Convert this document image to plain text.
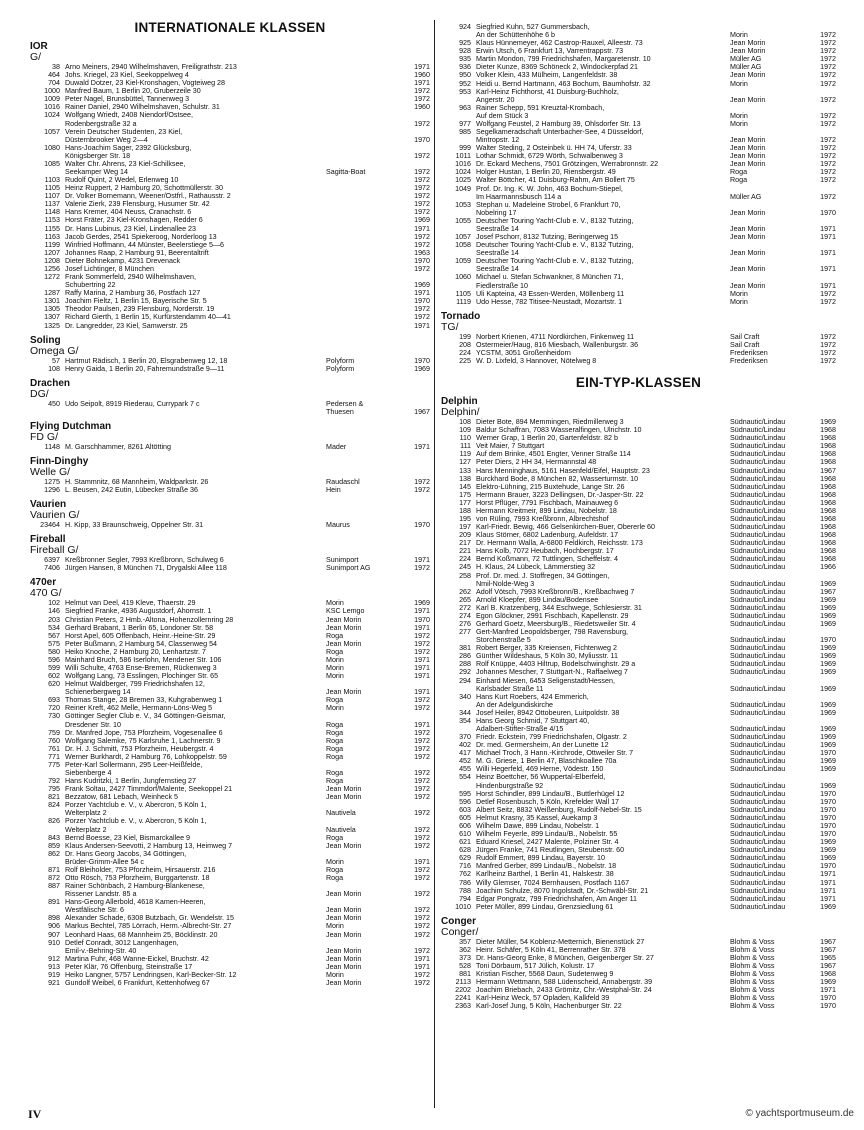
INTERNATIONALE KLASSEN
IOR
G/
38 Arno Meiners, 2940 Wilhelmshaven, Freiligrathstr. 213	1971
464 Johs. Kriegel, 23 Kiel, Seekoppelweg 4	1960
704 Duwald Dotzer, 23 Kiel-Kronshagen, Vogteiweg 28	1971
1000 Manfred Baum, 1 Berlin 20, Gruberzeile 30	1972
1009 Peter Nagel, Brunsbüttel, Tannenweg 3	1972
1016 Rainer Daniel, 2940 Wilhelmshaven, Schulstr. 31	1960
1024 Wolfgang Wriedt, 2408 Niendorf/Ostsee,
Rodenbergstraße 32 a	1972
1057 Verein Deutscher Studenten, 23 Kiel,
Düsternbrooker Weg 2—4	1970
1080 Hans-Joachim Sager, 2392 Glücksburg,
Königsberger Str. 18	1972
1085 Walter Chr. Ahrens, 23 Kiel-Schilksee,
Seekamper Weg 14	Sagitta-Boat	1972
1103 Rudolf Quint, 2 Wedel, Erlenweg 10	1972
1105 Heinz Ruppert, 2 Hamburg 20, Schottmüllerstr. 30	1972
1107 Dr. Volker Bornemann, Weener/Ostfrl., Rathausstr. 2	1972
1137 Valerie Zierk, 239 Flensburg, Husumer Str. 42	1972
1148 Hans Kremer, 404 Neuss, Cranachstr. 6	1972
1153 Horst Fräter, 23 Kiel-Kronshagen, Redder 6	1969
1155 Dr. Hans Lubinus, 23 Kiel, Lindenallee 23	1971
1163 Jacob Gerdes, 2541 Spiekeroog, Norderloog 13	1972
1199 Winfried Hoffmann, 44 Münster, Beelerstiege 5—6	1972
1207 Johannes Raap, 2 Hamburg 91, Beerentaltrift	1963
1208 Dieter Bohnekamp, 4231 Drevenack	1970
1256 Josef Lichtinger, 8 München	1972
1272 Frank Sommerfeld, 2940 Wilhelmshaven,
Schubertring 22	1969
1287 Raffy Marina, 2 Hamburg 36, Postfach 127	1971
1301 Joachim Fieltz, 1 Berlin 15, Bayerische Str. 5	1970
1305 Theodor Paulsen, 239 Flensburg, Norderstr. 19	1972
1307 Richard Gierth, 1 Berlin 15, Kurfürstendamm 40—41	1972
1325 Dr. Langredder, 23 Kiel, Samwerstr. 25	1971
Soling
Omega G/
57 Hartmut Rädisch, 1 Berlin 20, Elsgrabenweg 12, 18	Polyform	1970
108 Henry Gaida, 1 Berlin 20, Fahremundstraße 9—11	Polyform	1969
Drachen
DG/
450 Udo Seipolt, 8919 Riederau, Currypark 7 c	Pedersen &
Thuesen	1967
Flying Dutchman
FD G/
1148 M. Garschhammer, 8261 Altötting	Mader	1971
Finn-Dinghy
Welle G/
1275 H. Stammnitz, 68 Mannheim, Waldparkstr. 26	Raudaschl	1972
1296 L. Beusen, 242 Eutin, Lübecker Straße 36	Hein	1972
Vaurien
Vaurien G/
23464 H. Kipp, 33 Braunschweig, Oppelner Str. 31	Maurus	1970
Fireball
Fireball G/
6397 Kreßbronner Segler, 7993 Kreßbronn, Schulweg 6	Sunimport	1971
7406 Jürgen Hansen, 8 München 71, Drygalski Allee 118	Sunimport AG	1972
470er
470 G/
102 Helmut van Deel, 419 Kleve, Thaerstr. 29	Morin	1969
146 Siegfried Franke, 4936 Augustdorf, Ahornstr. 1	KSC Lemgo	1971
203 Christian Peters, 2 Hmb.-Altona, Hohenzollernring 28	Jean Morin	1970
534 Gerhard Brabant, 1 Berlin 65, Londoner Str. 58	Jean Morin	1971
567 Horst Apel, 605 Offenbach, Heinr.-Heine-Str. 29	Roga	1972
575 Peter Bußmann, 2 Hamburg 54, Classenweg 54	Jean Morin	1972
580 Heiko Knoche, 2 Hamburg 20, Lenhartzstr. 7	Roga	1972
596 Mainhard Bruch, 586 Iserlohn, Mendener Str. 106	Morin	1971
599 Willi Schulte, 4763 Ense-Bremen, Rückenweg 3	Morin	1971
602 Wolfgang Lang, 73 Esslingen, Plochinger Str. 65	Morin	1971
620 Helmut Waldberger, 799 Friedrichshafen 12,
Schienerbergweg 14	Jean Morin	1971
693 Thomas Stange, 28 Bremen 33, Kuhgrabenweg 1	Roga	1972
720 Reiner Kreft, 462 Melle, Hermann-Löns-Weg 5	Morin	1972
730 Göttinger Segler Club e. V., 34 Göttingen-Geismar,
Dresdener Str. 10	Roga	1971
759 Dr. Manfred Jope, 753 Pforzheim, Vogesenallee 6	Roga	1972
760 Wolfgang Salemke, 75 Karlsruhe 1, Lachnerstr. 9	Roga	1972
761 Dr. H. J. Schmitt, 753 Pforzheim, Heubergstr. 4	Roga	1972
771 Werner Burkhardt, 2 Hamburg 76, Lohkoppelstr. 59	Roga	1972
775 Peter-Karl Sollermann, 295 Leer-Heißfelde,
Siebenberge 4	Roga	1972
792 Hans Kudritzki, 1 Berlin, Jungfernstieg 27	Roga	1972
795 Frank Soltau, 2427 Timmdorf/Malente, Seekoppel 21	Jean Morin	1972
821 Bezzatow, 681 Lebach, Weinheck 5	Jean Morin	1972
824 Porzer Yachtclub e. V., v. Abercron, 5 Köln 1,
Welterplatz 2	Nautivela	1972
826 Porzer Yachtclub e. V., v. Abercron, 5 Köln 1,
Welterplatz 2	Nautivela	1972
843 Bernd Boesse, 23 Kiel, Bismarckallee 9	Roga	1972
859 Klaus Andersen-Seevotti, 2 Hamburg 13, Heimweg 7	Jean Morin	1972
862 Dr. Hans Georg Jacobs, 34 Göttingen,
Brüder-Grimm-Allee 54 c	Morin	1971
871 Rolf Bleiholder, 753 Pforzheim, Hirsauerstr. 216	Roga	1972
872 Otto Rösch, 753 Pforzheim, Burggartenstr. 18	Roga	1972
887 Rainer Schönbach, 2 Hamburg-Blankenese,
Rissener Landstr. 85 a	Jean Morin	1972
891 Hans-Georg Allerbold, 4618 Kamen-Heeren,
Westfälische Str. 6	Jean Morin	1972
898 Alexander Schade, 6308 Butzbach, Gr. Wendelstr. 15	Jean Morin	1972
906 Markus Bechtel, 785 Lörrach, Herm.-Albrecht-Str. 27	Morin	1972
907 Leonhard Haas, 68 Mannheim 25, Böcklinstr. 20	Jean Morin	1972
910 Detlef Conradt, 3012 Langenhagen,
Emil-v.-Behring-Str. 40	Jean Morin	1972
912 Martina Fuhr, 468 Wanne-Eickel, Bruchstr. 42	Jean Morin	1971
913 Peter Klär, 76 Offenburg, Steinstraße 17	Jean Morin	1971
919 Heiko Langner, 5757 Lendringsen, Karl-Becker-Str. 12	Morin	1972
921 Gundolf Weibel, 6 Frankfurt, Kettenhofweg 67	Jean Morin	1972
924 Siegfried Kuhn, 527 Gummersbach,
An der Schüttenhöhe 6 b	Morin	1972
925 Klaus Hünnemeyer, 462 Castrop-Rauxel, Alleestr. 73	Jean Morin	1972
928 Erwin Utsch, 6 Frankfurt 13, Varrentrappstr. 73	Jean Morin	1972
935 Martin Mondon, 799 Friedrichshafen, Margaretenstr. 10	Müller AG	1972
936 Dieter Kunze, 8369 Schöneck 2, Windockerpfad 21	Müller AG	1972
950 Volker Klein, 433 Mülheim, Langenfeldstr. 38	Jean Morin	1972
952 Heidi u. Bernd Hartmann, 463 Bochum, Baumhofstr. 32	Morin	1972
953 Karl-Heinz Fichthorst, 41 Duisburg-Buchholz,
Angerstr. 20	Jean Morin	1972
963 Rainer Schepp, 591 Kreuztal-Krombach,
Auf dem Stück 3	Morin	1972
977 Wolfgang Feustel, 2 Hamburg 39, Ohlsdorfer Str. 13	Morin	1972
985 Segelkameradschaft Unterbacher-See, 4 Düsseldorf,
Mintropstr. 12	Jean Morin	1972
999 Walter Steding, 2 Osteinbek ü. HH 74, Uferstr. 33	Jean Morin	1972
1011 Lothar Schmidt, 6729 Wörth, Schwalbenweg 3	Jean Morin	1972
1016 Dr. Eckard Mechens, 7501 Grötzingen, Werrabronnstr. 22	Jean Morin	1972
1024 Holger Hustan, 1 Berlin 20, Riensbergstr. 49	Roga	1972
1025 Walter Böttcher, 41 Duisburg-Rahm, Am Bollert 75	Roga	1972
1049 Prof. Dr. Ing. K. W. John, 463 Bochum-Stiepel,
Im Haarmannsbusch 114 a	Müller AG	1972
1053 Stephan u. Madeleine Strobel, 6 Frankfurt 70,
Nobelring 17	Jean Morin	1970
1055 Deutscher Touring Yacht-Club e. V., 8132 Tutzing,
Seestraße 14	Jean Morin	1971
1057 Josef Pschorr, 8132 Tutzing, Beringerweg 15	Jean Morin	1971
1058 Deutscher Touring Yacht-Club e. V., 8132 Tutzing,
Seestraße 14	Jean Morin	1971
1059 Deutscher Touring Yacht-Club e. V., 8132 Tutzing,
Seestraße 14	Jean Morin	1971
1060 Michael u. Stefan Schwankner, 8 München 71,
Fiedlerstraße 10	Jean Morin	1971
1105 Uli Kapteina, 43 Essen-Werden, Möllenberg 11	Morin	1972
1119 Udo Hesse, 782 Titisee-Neustadt, Mozartstr. 1	Morin	1972
Tornado
TG/
199 Norbert Krienen, 4711 Nordkirchen, Finkenweg 11	Sail Craft	1972
208 Ostermeier/Haug, 816 Miesbach, Wallenburgstr. 36	Sail Craft	1972
224 YCSTM, 3051 Großenheidorn	Frederiksen	1972
225 W. D. Lixfeld, 3 Hannover, Nötelweg 8	Frederiksen	1972
EIN-TYP-KLASSEN
Delphin
Delphin/
108 Dieter Bote, 894 Memmingen, Riedmillerweg 3	Südnautic/Lindau	1969
109 Baldur Schaffran, 7083 Wasseralfingen, Ulrichstr. 10	Südnautic/Lindau	1968
110 Werner Grap, 1 Berlin 20, Gartenfeldstr. 82 b	Südnautic/Lindau	1968
111 Veit Maier, 7 Stuttgart	Südnautic/Lindau	1968
119 Auf dem Brinke, 4501 Engter, Venner Straße 114	Südnautic/Lindau	1968
127 Peter Diers, 2 HH 34, Hermannstal 48	Südnautic/Lindau	1968
133 Hans Menninghaus, 5161 Hasenfeld/Eifel, Hauptstr. 23	Südnautic/Lindau	1967
138 Burckhard Bode, 8 München 82, Wasserturmstr. 10	Südnautic/Lindau	1968
145 Elektro-Lühning, 215 Buxtehude, Lange Str. 26	Südnautic/Lindau	1968
175 Hermann Brauer, 3223 Dellingsen, Dr.-Jasper-Str. 22	Südnautic/Lindau	1968
177 Horst Pflüger, 7791 Fischbach, Mainauweg 6	Südnautic/Lindau	1968
188 Hermann Kreitmeir, 899 Lindau, Nobelstr. 18	Südnautic/Lindau	1968
195 von Rüling, 7993 Kreßbronn, Albrechtshof	Südnautic/Lindau	1968
197 Karl-Friedr. Bewig, 466 Gelsenkirchen-Buer, Obererle 60	Südnautic/Lindau	1968
209 Klaus Störner, 6802 Ladenburg, Aufeldstr. 17	Südnautic/Lindau	1968
217 Dr. Hermann Walla, A-6800 Feldkirch, Reichsstr. 173	Südnautic/Lindau	1968
221 Hans Kolb, 7072 Heubach, Hochbergstr. 17	Südnautic/Lindau	1968
224 Bernd Koßmann, 72 Tuttlingen, Scheffelstr. 4	Südnautic/Lindau	1968
245 H. Klaus, 24 Lübeck, Lämmerstieg 32	Südnautic/Lindau	1966
258 Prof. Dr. med. J. Stoffregen, 34 Göttingen,
Nmil-Nolde-Weg 3	Südnautic/Lindau	1969
262 Adolf Vötsch, 7993 Kreßbronn/B., Kreßbachweg 7	Südnautic/Lindau	1967
265 Arnold Kloepfer, 899 Lindau/Bodensee	Südnautic/Lindau	1969
272 Karl B. Kratzenberg, 344 Eschwege, Schlesierstr. 31	Südnautic/Lindau	1969
274 Egon Glöckner, 2991 Fischbach, Kapellenstr. 29	Südnautic/Lindau	1969
276 Gerhard Goetz, Meersburg/B., Riedetsweiler Str. 4	Südnautic/Lindau	1969
277 Gert-Manfred Leopoldsberger, 798 Ravensburg,
Storchenstraße 5	Südnautic/Lindau	1970
381 Robert Berger, 335 Kreiensen, Fichtenweg 2	Südnautic/Lindau	1969
286 Günther Wildeshaus, 5 Köln 30, Myliusstr. 11	Südnautic/Lindau	1969
288 Rolf Knüppe, 4403 Hiltrup, Bodelschwinghstr. 29 a	Südnautic/Lindau	1969
292 Johannes Mescher, 7 Stuttgart-N., Raffaelweg 7	Südnautic/Lindau	1969
294 Einhard Miesen, 6453 Seligenstadt/Hessen,
Karlsbader Straße 11	Südnautic/Lindau	1969
340 Hans Kurt Roebers, 424 Emmerich,
An der Adelgundiskirche	Südnautic/Lindau	1969
344 Josef Heiler, 8942 Ottobeuren, Luitpoldstr. 38	Südnautic/Lindau	1969
354 Hans Georg Schmid, 7 Stuttgart 40,
Adalbert-Stifter-Straße 4/15	Südnautic/Lindau	1969
370 Friedr. Eckstein, 799 Friedrichshafen, Olgastr. 2	Südnautic/Lindau	1969
402 Dr. med. Germersheim, An der Lunette 12	Südnautic/Lindau	1969
417 Michael Troch, 3 Hann.-Kirchrode, Ottweiler Str. 7	Südnautic/Lindau	1970
452 M. G. Griese, 1 Berlin 47, Blaschkoallee 70a	Südnautic/Lindau	1969
455 Willi Hegerfeld, 469 Herne, Vödestr. 150	Südnautic/Lindau	1969
554 Heinz Boettcher, 56 Wuppertal-Elberfeld,
Hindenburgstraße 92	Südnautic/Lindau	1969
595 Horst Schindler, 899 Lindau/B., Buttlerhügel 12	Südnautic/Lindau	1970
596 Detlef Rosenbusch, 5 Köln, Krefelder Wall 17	Südnautic/Lindau	1970
603 Albert Seitz, 8832 Weißenburg, Rudolf-Nebel-Str. 15	Südnautic/Lindau	1970
605 Helmut Krasny, 35 Kassel, Auekamp 3	Südnautic/Lindau	1970
606 Wilhelm Dawe, 899 Lindau, Nobelstr. 1	Südnautic/Lindau	1970
610 Wilhelm Feyerle, 899 Lindau/B., Nobelstr. 55	Südnautic/Lindau	1970
621 Eduard Kriesel, 2427 Malente, Polziner Str. 4	Südnautic/Lindau	1969
628 Jürgen Franke, 741 Reutlingen, Steubenstr. 60	Südnautic/Lindau	1969
629 Rudolf Emmert, 899 Lindau, Bayerstr. 10	Südnautic/Lindau	1969
716 Manfred Gerber, 899 Lindau/B., Nobelstr. 18	Südnautic/Lindau	1970
762 Karlheinz Barthel, 1 Berlin 41, Halskestr. 38	Südnautic/Lindau	1971
786 Willy Glemser, 7024 Bernhausen, Postfach 1167	Südnautic/Lindau	1971
788 Joachim Schulze, 8070 Ingolstadt, Dr.-Schwäbl-Str. 21	Südnautic/Lindau	1971
794 Edgar Pongratz, 799 Friedrichshafen, Am Anger 11	Südnautic/Lindau	1971
1010 Peter Müller, 899 Lindau, Grenzsiedlung 61	Südnautic/Lindau	1969
Conger
Conger/
357 Dieter Müller, 54 Koblenz-Metternich, Bienenstück 27	Blohm & Voss	1967
362 Heinr. Schäfer, 5 Köln 41, Berrenrather Str. 378	Blohm & Voss	1967
373 Dr. Hans-Georg Enke, 8 München, Geigenberger Str. 27	Blohm & Voss	1965
528 Toni Dörbaum, 517 Jülich, Kolustr. 17	Blohm & Voss	1967
881 Kristian Fischer, 5568 Daun, Sudetenweg 9	Blohm & Voss	1968
2113 Hermann Wettmann, 588 Lüdenscheid, Annabergstr. 39	Blohm & Voss	1969
2202 Joachim Briebach, 2433 Grömitz, Chr.-Westphal-Str. 24	Blohm & Voss	1971
2241 Karl-Heinz Weck, 57 Opladen, Kalkfeld 39	Blohm & Voss	1970
2363 Karl-Josef Jung, 5 Köln, Hachenburger Str. 22	Blohm & Voss	1970
IV	© yachtsportmuseum.de
